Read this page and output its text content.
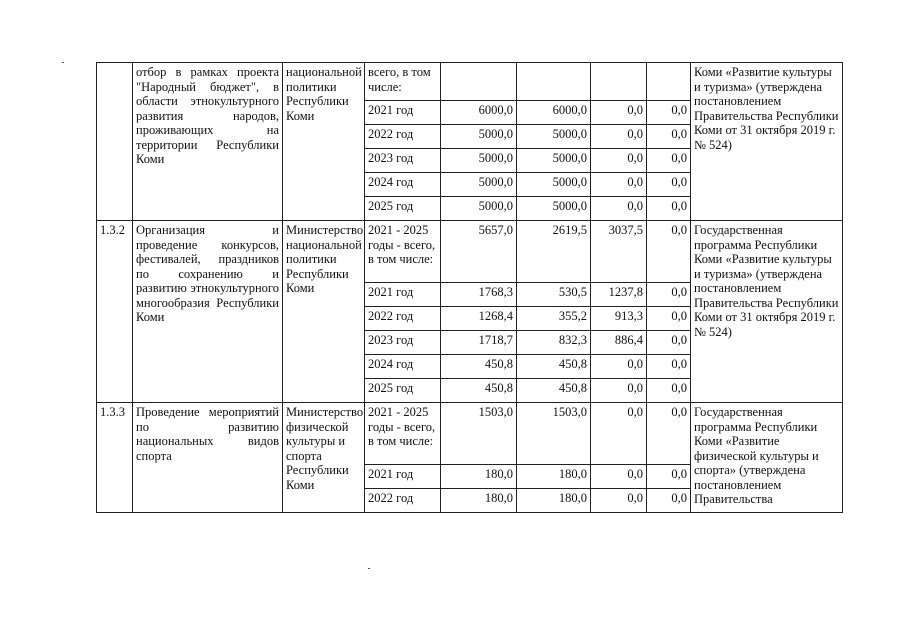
	отбор в рамках проекта "Народный бюджет", в области этнокультурного развития народов, проживающих на территории Республики Коми	национальной политики Республики Коми	всего, в том числе:					Коми «Развитие культуры и туризма» (утверждена постановлением Правительства Республики Коми от 31 октября 2019 г. № 524)
			2021 год	6000,0	6000,0	0,0	0,0	
			2022 год	5000,0	5000,0	0,0	0,0	
			2023 год	5000,0	5000,0	0,0	0,0	
			2024 год	5000,0	5000,0	0,0	0,0	
			2025 год	5000,0	5000,0	0,0	0,0	
1.3.2	Организация и проведение конкурсов, фестивалей, праздников по сохранению и развитию этнокультурного многообразия Республики Коми	Министерство национальной политики Республики Коми	2021 - 2025 годы - всего, в том числе:	5657,0	2619,5	3037,5	0,0	Государственная программа Республики Коми «Развитие культуры и туризма» (утверждена постановлением Правительства Республики Коми от 31 октября 2019 г. № 524)
			2021 год	1768,3	530,5	1237,8	0,0	
			2022 год	1268,4	355,2	913,3	0,0	
			2023 год	1718,7	832,3	886,4	0,0	
			2024 год	450,8	450,8	0,0	0,0	
			2025 год	450,8	450,8	0,0	0,0	
1.3.3	Проведение мероприятий по развитию национальных видов спорта	Министерство физической культуры и спорта Республики Коми	2021 - 2025 годы - всего, в том числе:	1503,0	1503,0	0,0	0,0	Государственная программа Республики Коми «Развитие физической культуры и спорта» (утверждена постановлением Правительства
			2021 год	180,0	180,0	0,0	0,0	
			2022 год	180,0	180,0	0,0	0,0	
